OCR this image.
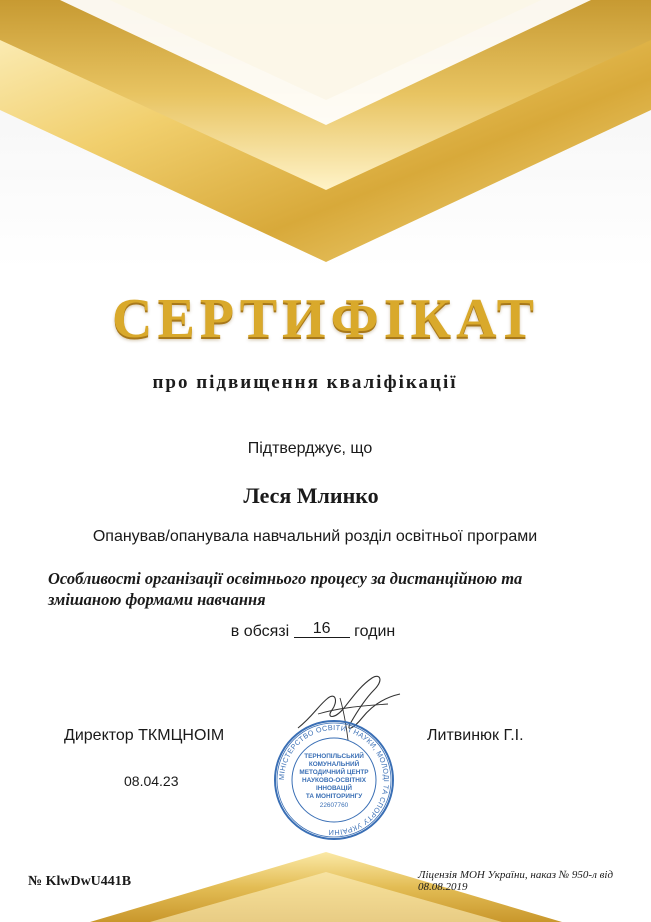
СЕРТИФІКАТ
про підвищення кваліфікації
Підтверджує, що
Леся Млинко
Опанував/опанувала навчальний розділ освітньої програми
Особливості організації освітнього процесу за дистанційною та змішаною формами навчання
в обсязі 16 годин
МІНІСТЕРСТВО ОСВІТИ І НАУКИ, МОЛОДІ ТА СПОРТУ УКРАЇНИ
ТЕРНОПІЛЬСЬКИЙ
КОМУНАЛЬНИЙ
МЕТОДИЧНИЙ ЦЕНТР
НАУКОВО-ОСВІТНІХ
ІННОВАЦІЙ
ТА МОНІТОРИНГУ
22607760
Директор ТКМЦНОІМ	Литвинюк Г.І.
08.04.23
№ KlwDwU441B	Ліцензія МОН України, наказ № 950-л від 08.08.2019
